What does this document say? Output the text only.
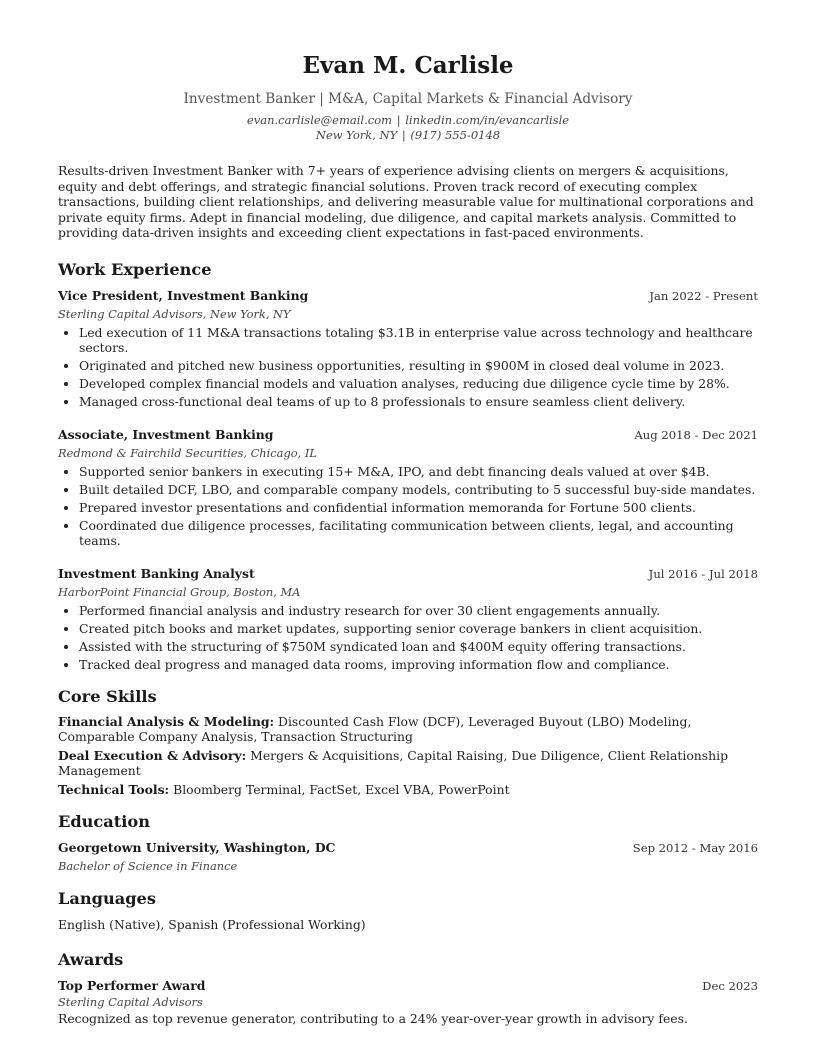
Evan M. Carlisle
Investment Banker | M&A, Capital Markets & Financial Advisory
evan.carlisle@email.com | linkedin.com/in/evancarlisle
New York, NY | (917) 555-0148

Results-driven Investment Banker with 7+ years of experience advising clients on mergers & acquisitions, equity and debt offerings, and strategic financial solutions. Proven track record of executing complex transactions, building client relationships, and delivering measurable value for multinational corporations and private equity firms. Adept in financial modeling, due diligence, and capital markets analysis. Committed to providing data-driven insights and exceeding client expectations in fast-paced environments.

Work Experience
Vice President, Investment Banking	Jan 2022 - Present
Sterling Capital Advisors, New York, NY
• Led execution of 11 M&A transactions totaling $3.1B in enterprise value across technology and healthcare sectors.
• Originated and pitched new business opportunities, resulting in $900M in closed deal volume in 2023.
• Developed complex financial models and valuation analyses, reducing due diligence cycle time by 28%.
• Managed cross-functional deal teams of up to 8 professionals to ensure seamless client delivery.
Associate, Investment Banking	Aug 2018 - Dec 2021
Redmond & Fairchild Securities, Chicago, IL
• Supported senior bankers in executing 15+ M&A, IPO, and debt financing deals valued at over $4B.
• Built detailed DCF, LBO, and comparable company models, contributing to 5 successful buy-side mandates.
• Prepared investor presentations and confidential information memoranda for Fortune 500 clients.
• Coordinated due diligence processes, facilitating communication between clients, legal, and accounting teams.
Investment Banking Analyst	Jul 2016 - Jul 2018
HarborPoint Financial Group, Boston, MA
• Performed financial analysis and industry research for over 30 client engagements annually.
• Created pitch books and market updates, supporting senior coverage bankers in client acquisition.
• Assisted with the structuring of $750M syndicated loan and $400M equity offering transactions.
• Tracked deal progress and managed data rooms, improving information flow and compliance.
Core Skills
Financial Analysis & Modeling: Discounted Cash Flow (DCF), Leveraged Buyout (LBO) Modeling, Comparable Company Analysis, Transaction Structuring
Deal Execution & Advisory: Mergers & Acquisitions, Capital Raising, Due Diligence, Client Relationship Management
Technical Tools: Bloomberg Terminal, FactSet, Excel VBA, PowerPoint
Education
Georgetown University, Washington, DC	Sep 2012 - May 2016
Bachelor of Science in Finance
Languages
English (Native), Spanish (Professional Working)
Awards
Top Performer Award	Dec 2023
Sterling Capital Advisors
Recognized as top revenue generator, contributing to a 24% year-over-year growth in advisory fees.
